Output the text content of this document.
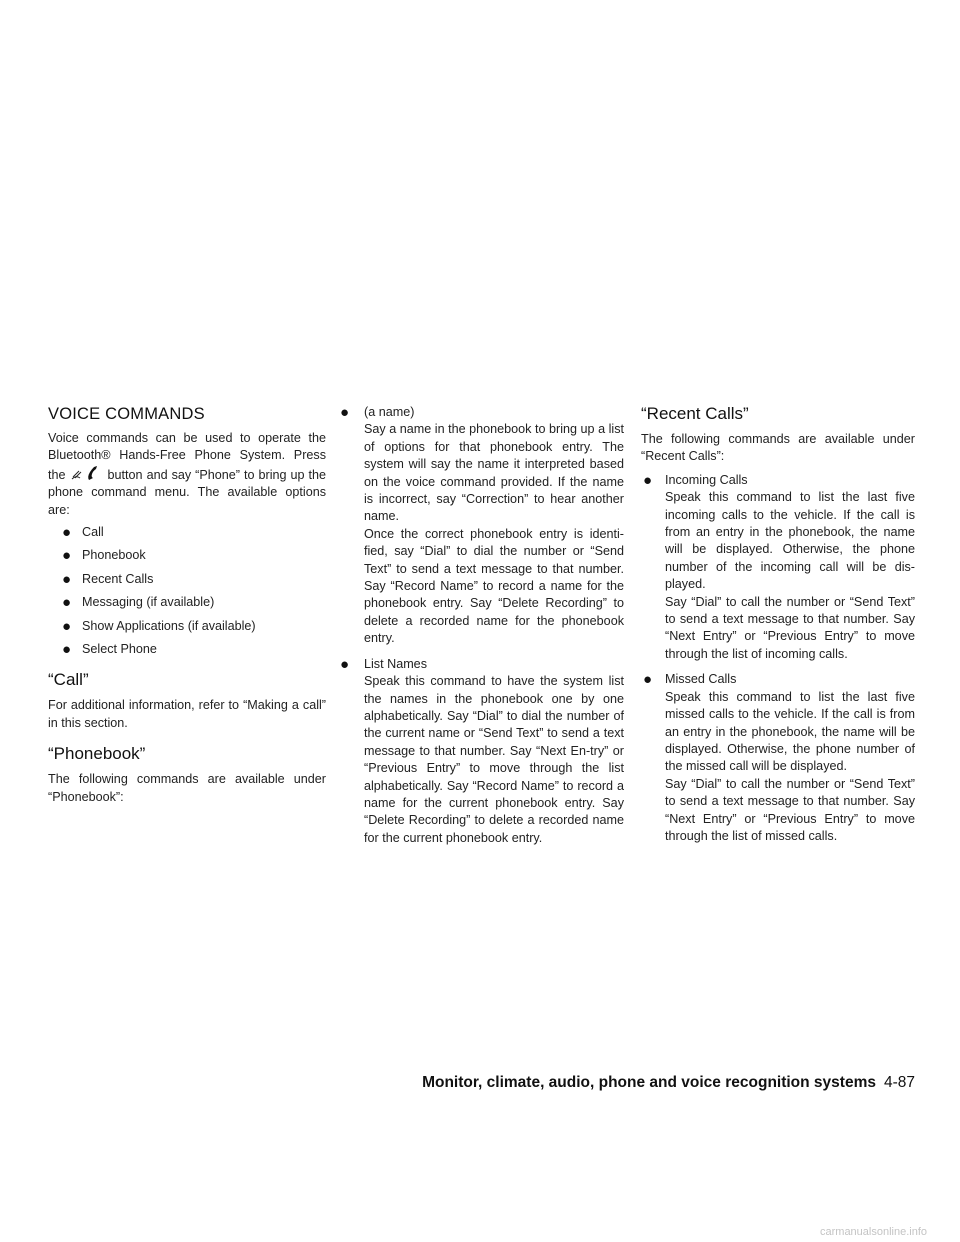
VOICE COMMANDS

Voice commands can be used to operate the Bluetooth® Hands-Free Phone System. Press the	button and say “Phone” to bring up the phone command menu. The available options are:

● Call
● Phonebook
● Recent Calls
● Messaging (if available)
● Show Applications (if available)
● Select Phone
“Call”

For additional information, refer to “Making a call” in this section.

“Phonebook”

The following commands are available under “Phonebook”:

● (a name)
Say a name in the phonebook to bring up a list of options for that phonebook entry. The system will say the name it interpreted based on the voice command provided. If the name is incorrect, say “Correction” to hear another name.
Once the correct phonebook entry is identi-fied, say “Dial” to dial the number or “Send Text” to send a text message to that number. Say “Record Name” to record a name for the phonebook entry. Say “Delete Recording” to delete a recorded name for the phonebook entry.
● List Names
Speak this command to have the system list the names in the phonebook one by one alphabetically. Say “Dial” to dial the number of the current name or “Send Text” to send a text message to that number. Say “Next En-try” or “Previous Entry” to move through the list alphabetically. Say “Record Name” to record a name for the current phonebook entry. Say “Delete Recording” to delete a recorded name for the current phonebook entry.
“Recent Calls”

The following commands are available under “Recent Calls”:

● Incoming Calls
Speak this command to list the last five incoming calls to the vehicle. If the call is from an entry in the phonebook, the name will be displayed. Otherwise, the phone number of the incoming call will be dis-played.
Say “Dial” to call the number or “Send Text” to send a text message to that number. Say “Next Entry” or “Previous Entry” to move through the list of incoming calls.
● Missed Calls
Speak this command to list the last five missed calls to the vehicle. If the call is from an entry in the phonebook, the name will be displayed. Otherwise, the phone number of the missed call will be displayed.
Say “Dial” to call the number or “Send Text” to send a text message to that number. Say “Next Entry” or “Previous Entry” to move through the list of missed calls.
Monitor, climate, audio, phone and voice recognition systems 4-87
carmanualsonline.info
